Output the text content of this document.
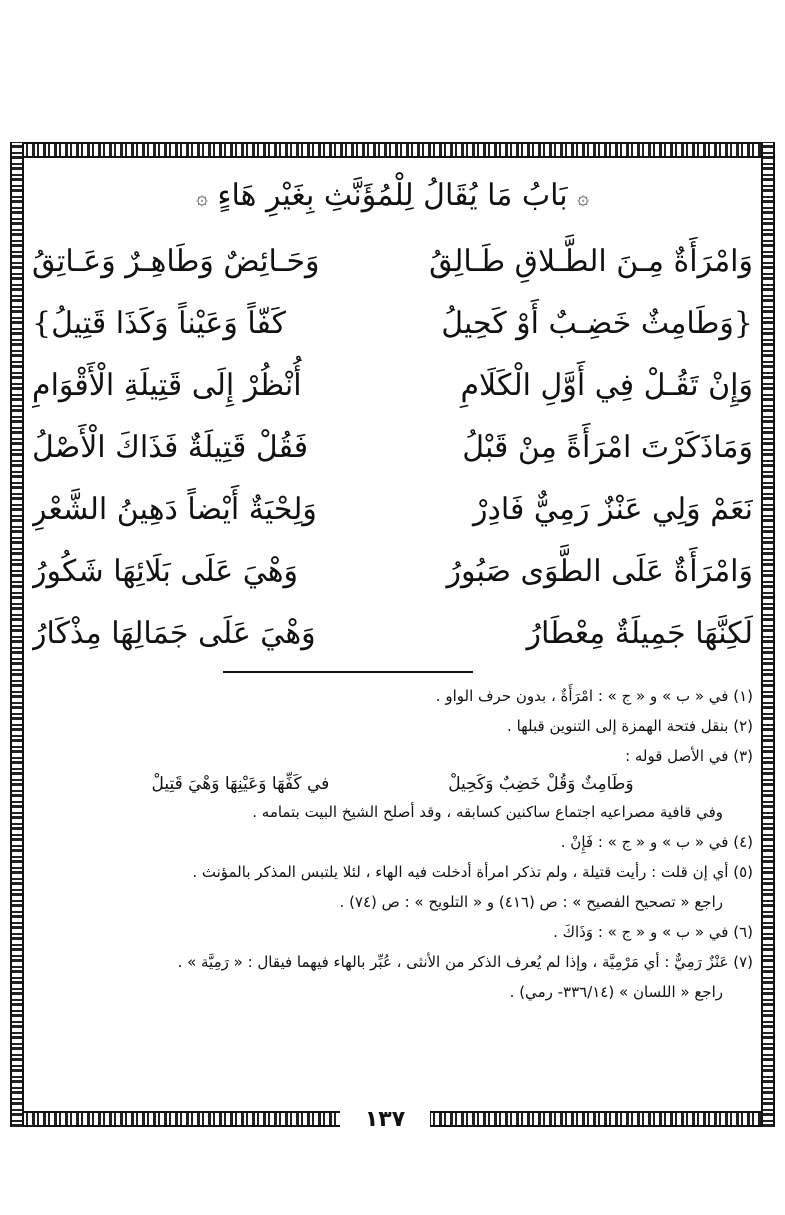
۞ بَابُ مَا يُقَالُ لِلْمُؤَنَّثِ بِغَيْرِ هَاءٍ ۞
وَامْرَأَةٌ مِـنَ الطَّـلاقِ طَـالِقُ
وَحَـائِضٌ وَطَاهِـرٌ وَعَـاتِقُ
{وَطَامِثٌ خَضِـبٌ أَوْ كَحِيلُ
كَفّاً وَعَيْناً وَكَذَا قَتِيلُ}
وَإِنْ تَقُـلْ فِي أَوَّلِ الْكَلَامِ
أُنْظُرْ إِلَى قَتِيلَةِ الْأَقْوَامِ
وَمَاذَكَرْتَ امْرَأَةً مِنْ قَبْلُ
فَقُلْ قَتِيلَةٌ فَذَاكَ الْأَصْلُ
نَعَمْ وَلِي عَنْزٌ رَمِيٌّ فَادِرْ
وَلِحْيَةٌ أَيْضاً دَهِينُ الشَّعْرِ
وَامْرَأَةٌ عَلَى الطَّوَى صَبُورُ
وَهْيَ عَلَى بَلَائِهَا شَكُورُ
لَكِنَّهَا جَمِيلَةٌ مِعْطَارُ
وَهْيَ عَلَى جَمَالِهَا مِذْكَارُ
(١) في « ب » و « ج » : امْرَأَةٌ ، بدون حرف الواو .
(٢) بنقل فتحة الهمزة إلى التنوين قبلها .
(٣) في الأصل قوله :
وَطَامِثٌ وَقُلْ خَضِبٌ وَكَحِيلْ
في كَفِّهَا وَعَيْنِهَا وَهْيَ قَتِيلْ
وفي قافية مصراعيه اجتماع ساكنين كسابقه ، وقد أصلح الشيخ البيت بتمامه .
(٤) في « ب » و « ج » : فَإِنْ .
(٥) أي إن قلت : رأيت قتيلة ، ولم تذكر امرأة أدخلت فيه الهاء ، لئلا يلتبس المذكر بالمؤنث .
راجع « تصحيح الفصيح » : ص (٤١٦) و « التلويح » : ص (٧٤) .
(٦) في « ب » و « ج » : وَذَاكَ .
(٧) عَنْزٌ رَمِيٌّ : أي مَرْمِيَّة ، وإذا لم يُعرف الذكر من الأنثى ، عُبِّر بالهاء فيهما فيقال : « رَمِيَّة » .
راجع « اللسان » (٣٣٦/١٤- رمي) .
١٣٧
